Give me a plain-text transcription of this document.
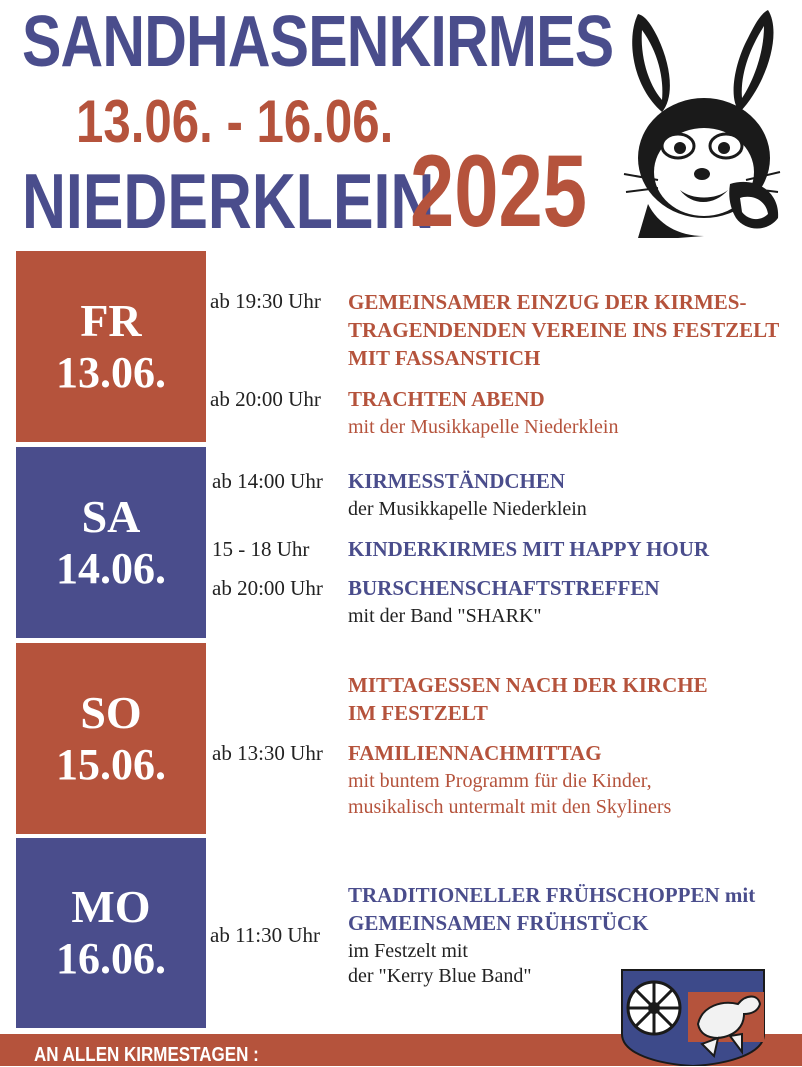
SANDHASENKIRMES
13.06. - 16.06.
NIEDERKLEIN
2025
FR
13.06.
ab 19:30 Uhr GEMEINSAMER EINZUG DER KIRMES-
TRAGENDENDEN VEREINE INS FESTZELT
MIT FASSANSTICH
ab 20:00 Uhr TRACHTEN ABEND
mit der Musikkapelle Niederklein
SA
14.06.
ab 14:00 Uhr KIRMESSTÄNDCHEN
der Musikkapelle Niederklein
15 - 18 Uhr KINDERKIRMES MIT HAPPY HOUR
ab 20:00 Uhr BURSCHENSCHAFTSTREFFEN
mit der Band "SHARK"
SO
15.06.
MITTAGESSEN NACH DER KIRCHE
IM FESTZELT
ab 13:30 Uhr FAMILIENNACHMITTAG
mit buntem Programm für die Kinder,
musikalisch untermalt mit den Skyliners
MO
16.06.
TRADITIONELLER FRÜHSCHOPPEN mit
GEMEINSAMEN FRÜHSTÜCK
ab 11:30 Uhr
im Festzelt mit
der "Kerry Blue Band"
AN ALLEN KIRMESTAGEN :
